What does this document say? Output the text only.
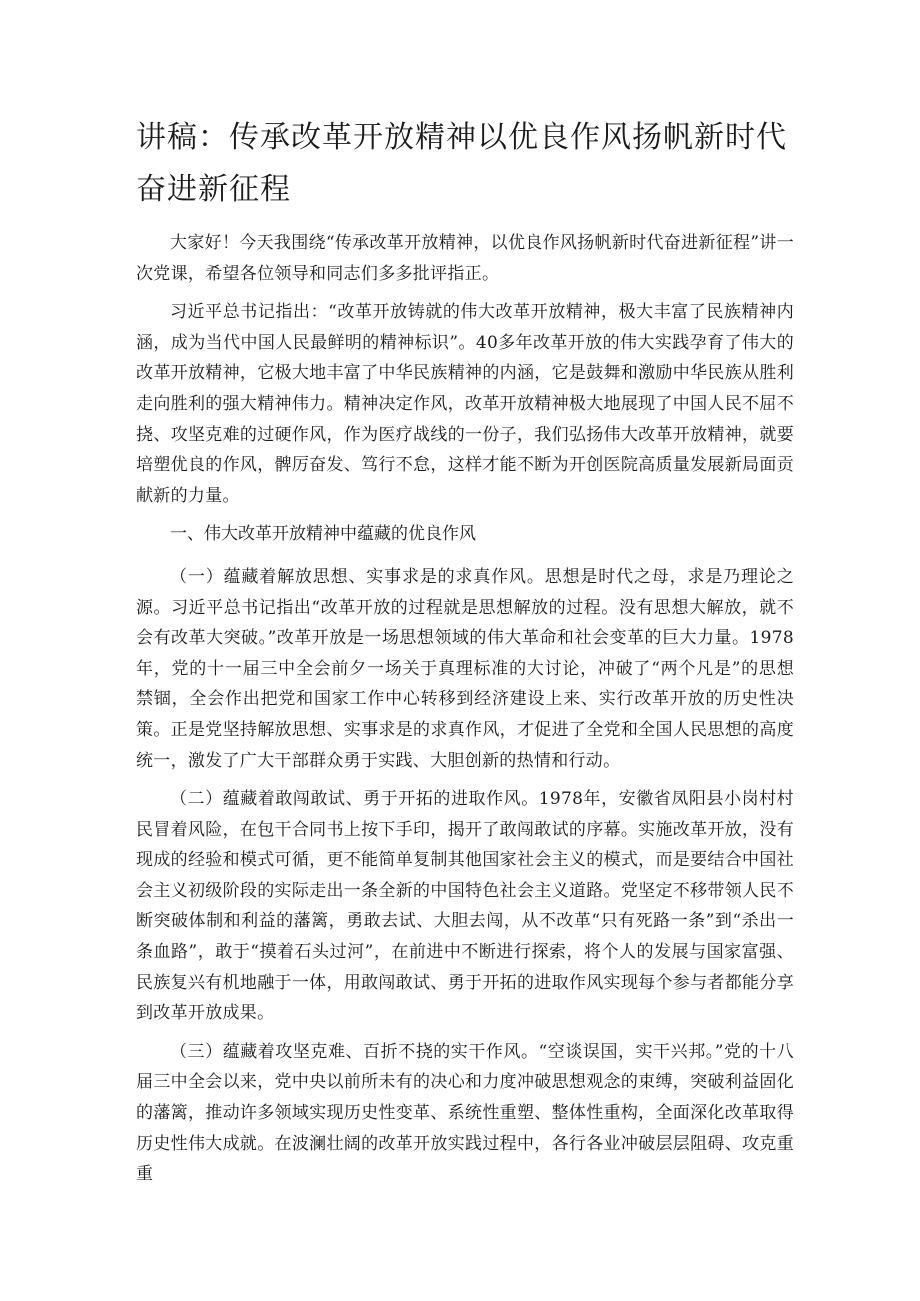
讲稿：传承改革开放精神以优良作风扬帆新时代奋进新征程

大家好！今天我围绕“传承改革开放精神，以优良作风扬帆新时代奋进新征程”讲一次党课，希望各位领导和同志们多多批评指正。

习近平总书记指出：“改革开放铸就的伟大改革开放精神，极大丰富了民族精神内涵，成为当代中国人民最鲜明的精神标识”。40多年改革开放的伟大实践孕育了伟大的改革开放精神，它极大地丰富了中华民族精神的内涵，它是鼓舞和激励中华民族从胜利走向胜利的强大精神伟力。精神决定作风，改革开放精神极大地展现了中国人民不屈不挠、攻坚克难的过硬作风，作为医疗战线的一份子，我们弘扬伟大改革开放精神，就要培塑优良的作风，髀厉奋发、笃行不怠，这样才能不断为开创医院高质量发展新局面贡献新的力量。

一、伟大改革开放精神中蕴藏的优良作风

（一）蕴藏着解放思想、实事求是的求真作风。思想是时代之母，求是乃理论之源。习近平总书记指出“改革开放的过程就是思想解放的过程。没有思想大解放，就不会有改革大突破。”改革开放是一场思想领域的伟大革命和社会变革的巨大力量。1978年，党的十一届三中全会前夕一场关于真理标准的大讨论，冲破了“两个凡是”的思想禁锢，全会作出把党和国家工作中心转移到经济建设上来、实行改革开放的历史性决策。正是党坚持解放思想、实事求是的求真作风，才促进了全党和全国人民思想的高度统一，激发了广大干部群众勇于实践、大胆创新的热情和行动。

（二）蕴藏着敢闯敢试、勇于开拓的进取作风。1978年，安徽省凤阳县小岗村村民冒着风险，在包干合同书上按下手印，揭开了敢闯敢试的序幕。实施改革开放，没有现成的经验和模式可循，更不能简单复制其他国家社会主义的模式，而是要结合中国社会主义初级阶段的实际走出一条全新的中国特色社会主义道路。党坚定不移带领人民不断突破体制和利益的藩篱，勇敢去试、大胆去闯，从不改革“只有死路一条”到“杀出一条血路”，敢于“摸着石头过河”，在前进中不断进行探索，将个人的发展与国家富强、民族复兴有机地融于一体，用敢闯敢试、勇于开拓的进取作风实现每个参与者都能分享到改革开放成果。

（三）蕴藏着攻坚克难、百折不挠的实干作风。“空谈误国，实干兴邦。”党的十八届三中全会以来，党中央以前所未有的决心和力度冲破思想观念的束缚，突破利益固化的藩篱，推动许多领域实现历史性变革、系统性重塑、整体性重构，全面深化改革取得历史性伟大成就。在波澜壮阔的改革开放实践过程中，各行各业冲破层层阻碍、攻克重重
